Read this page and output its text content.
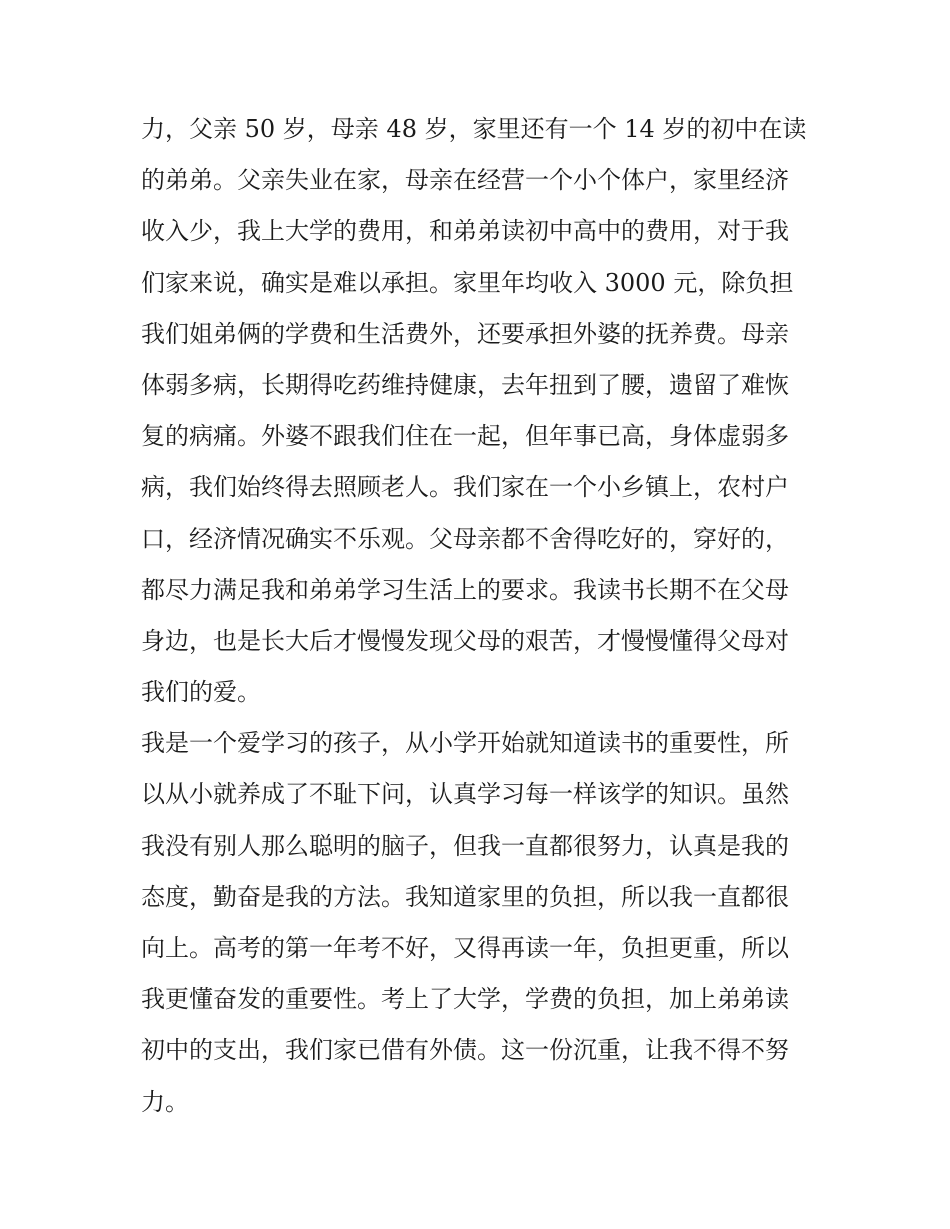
力，父亲 50 岁，母亲 48 岁，家里还有一个 14 岁的初中在读
的弟弟。父亲失业在家，母亲在经营一个小个体户，家里经济
收入少，我上大学的费用，和弟弟读初中高中的费用，对于我
们家来说，确实是难以承担。家里年均收入 3000 元，除负担
我们姐弟俩的学费和生活费外，还要承担外婆的抚养费。母亲
体弱多病，长期得吃药维持健康，去年扭到了腰，遗留了难恢
复的病痛。外婆不跟我们住在一起，但年事已高，身体虚弱多
病，我们始终得去照顾老人。我们家在一个小乡镇上，农村户
口，经济情况确实不乐观。父母亲都不舍得吃好的，穿好的，
都尽力满足我和弟弟学习生活上的要求。我读书长期不在父母
身边，也是长大后才慢慢发现父母的艰苦，才慢慢懂得父母对
我们的爱。
我是一个爱学习的孩子，从小学开始就知道读书的重要性，所
以从小就养成了不耻下问，认真学习每一样该学的知识。虽然
我没有别人那么聪明的脑子，但我一直都很努力，认真是我的
态度，勤奋是我的方法。我知道家里的负担，所以我一直都很
向上。高考的第一年考不好，又得再读一年，负担更重，所以
我更懂奋发的重要性。考上了大学，学费的负担，加上弟弟读
初中的支出，我们家已借有外债。这一份沉重，让我不得不努
力。
